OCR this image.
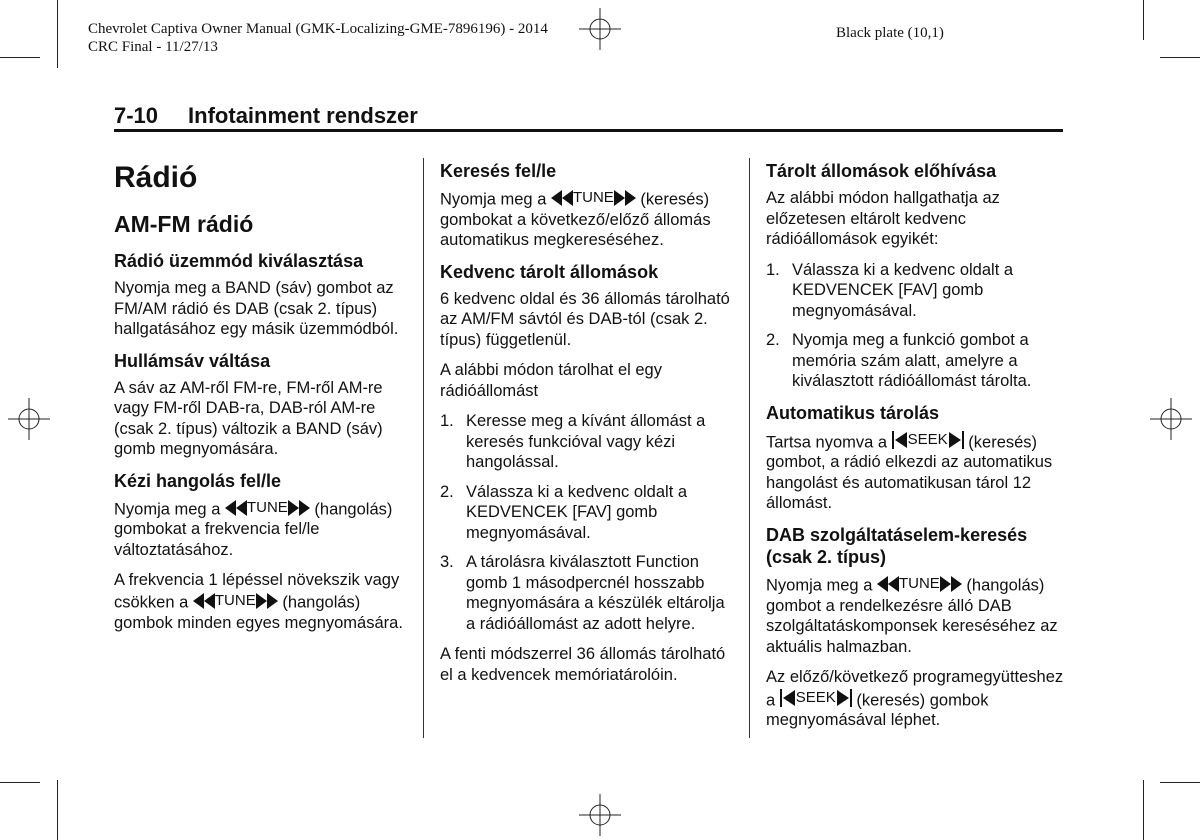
Chevrolet Captiva Owner Manual (GMK-Localizing-GME-7896196) - 2014
CRC Final - 11/27/13
Black plate (10,1)
7-10 Infotainment rendszer
Rádió
AM-FM rádió
Rádió üzemmód kiválasztása

Nyomja meg a BAND (sáv) gombot az FM/AM rádió és DAB (csak 2. típus) hallgatásához egy másik üzemmódból.

Hullámsáv váltása

A sáv az AM-ről FM-re, FM-ről AM-re vagy FM-ről DAB-ra, DAB-ról AM-re (csak 2. típus) változik a BAND (sáv) gomb megnyomására.

Kézi hangolás fel/le

Nyomja meg a TUNE (hangolás) gombokat a frekvencia fel/le változtatásához.

A frekvencia 1 lépéssel növekszik vagy csökken a TUNE (hangolás) gombok minden egyes megnyomására.

Keresés fel/le

Nyomja meg a TUNE (keresés) gombokat a következő/előző állomás automatikus megkereséséhez.

Kedvenc tárolt állomások

6 kedvenc oldal és 36 állomás tárolható az AM/FM sávtól és DAB-tól (csak 2. típus) függetlenül.

A alábbi módon tárolhat el egy rádióállomást

1. Keresse meg a kívánt állomást a keresés funkcióval vagy kézi hangolással.
2. Válassza ki a kedvenc oldalt a KEDVENCEK [FAV] gomb megnyomásával.
3. A tárolásra kiválasztott Function gomb 1 másodpercnél hosszabb megnyomására a készülék eltárolja a rádióállomást az adott helyre.

A fenti módszerrel 36 állomás tárolható el a kedvencek memóriatárolóin.

Tárolt állomások előhívása

Az alábbi módon hallgathatja az előzetesen eltárolt kedvenc rádióállomások egyikét:

1. Válassza ki a kedvenc oldalt a KEDVENCEK [FAV] gomb megnyomásával.
2. Nyomja meg a funkció gombot a memória szám alatt, amelyre a kiválasztott rádióállomást tárolta.
Automatikus tárolás

Tartsa nyomva a SEEK (keresés) gombot, a rádió elkezdi az automatikus hangolást és automatikusan tárol 12 állomást.

DAB szolgáltatáselem-keresés (csak 2. típus)

Nyomja meg a TUNE (hangolás) gombot a rendelkezésre álló DAB szolgáltatáskomponsek kereséséhez az aktuális halmazban.

Az előző/következő programegyütteshez a SEEK (keresés) gombok megnyomásával léphet.
